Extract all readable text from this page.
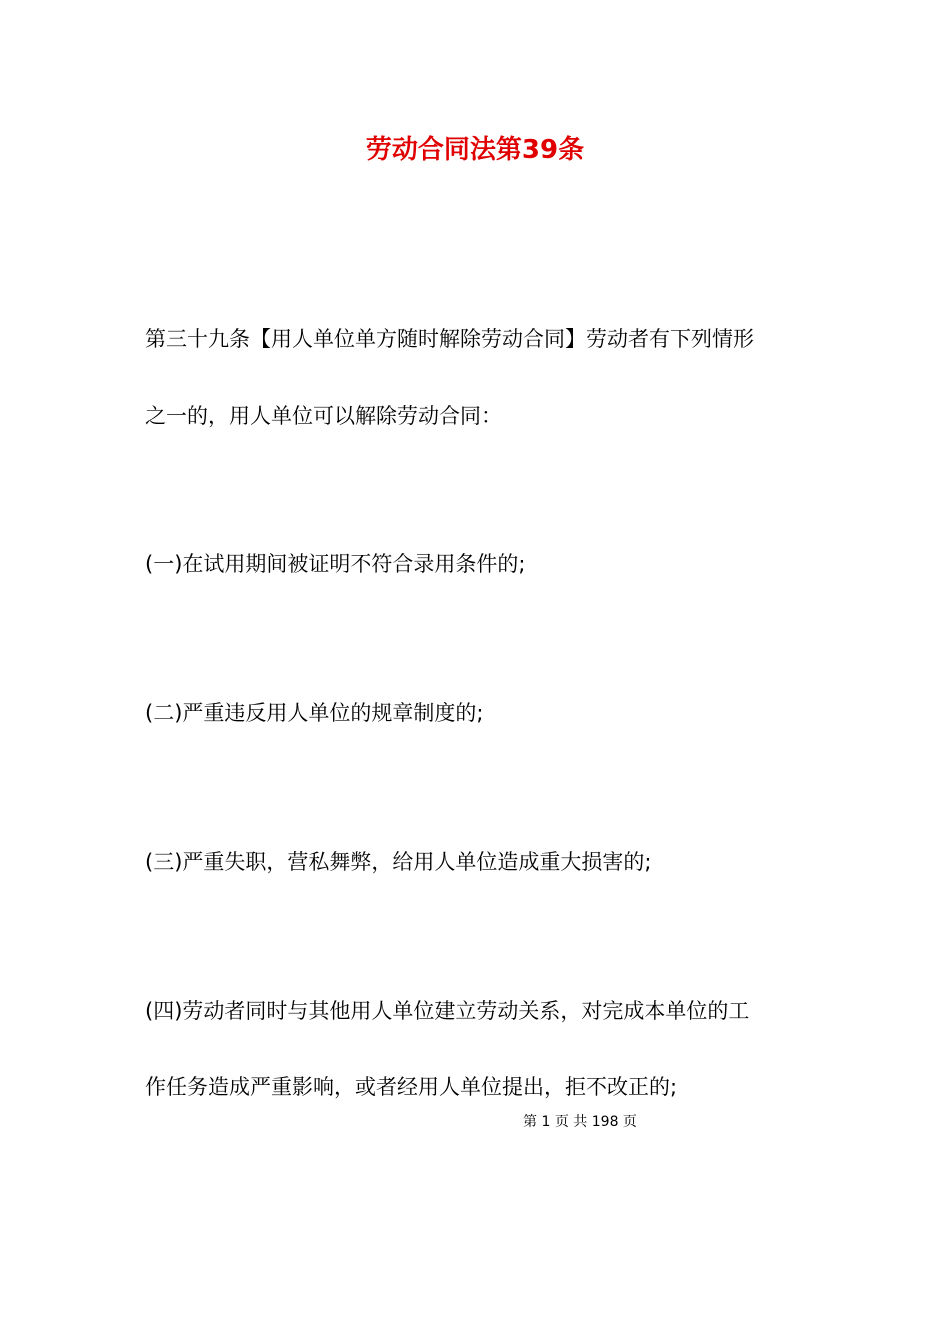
劳动合同法第39条

第三十九条【用人单位单方随时解除劳动合同】劳动者有下列情形

之一的，用人单位可以解除劳动合同：

(一)在试用期间被证明不符合录用条件的;

(二)严重违反用人单位的规章制度的;

(三)严重失职，营私舞弊，给用人单位造成重大损害的;

(四)劳动者同时与其他用人单位建立劳动关系，对完成本单位的工

作任务造成严重影响，或者经用人单位提出，拒不改正的;

第 1 页 共 198 页
